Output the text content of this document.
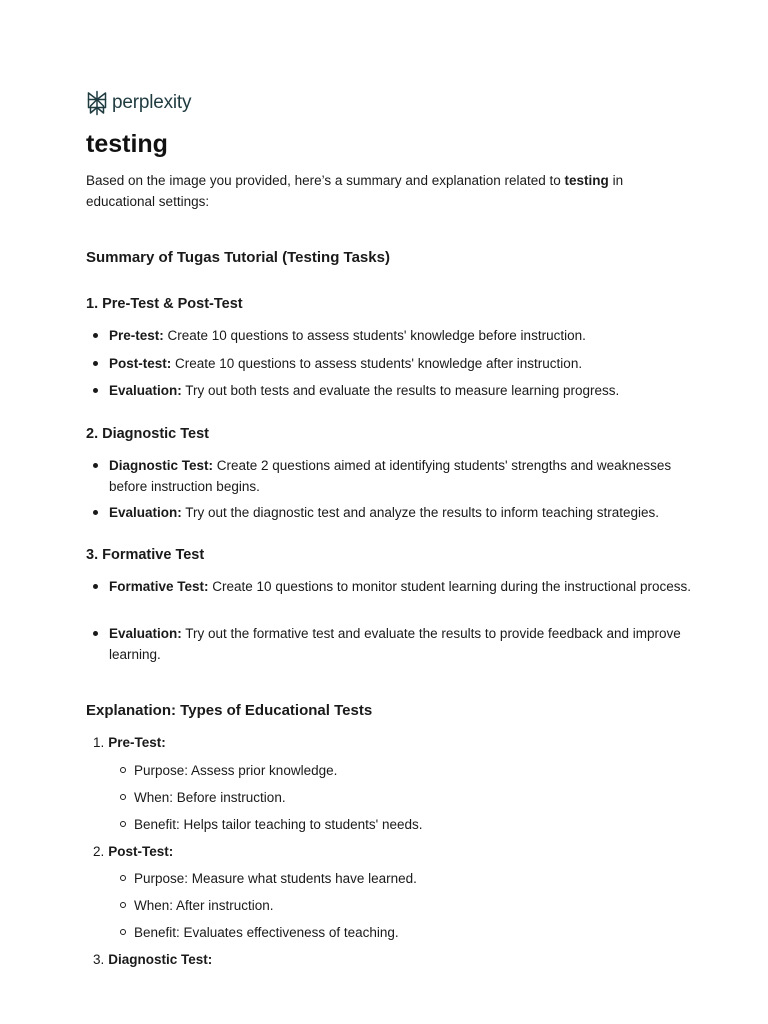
perplexity
testing

Based on the image you provided, here’s a summary and explanation related to testing in educational settings:

Summary of Tugas Tutorial (Testing Tasks)
1. Pre-Test & Post-Test
Pre-test: Create 10 questions to assess students' knowledge before instruction.
Post-test: Create 10 questions to assess students' knowledge after instruction.
Evaluation: Try out both tests and evaluate the results to measure learning progress.
2. Diagnostic Test
Diagnostic Test: Create 2 questions aimed at identifying students' strengths and weaknesses before instruction begins.
Evaluation: Try out the diagnostic test and analyze the results to inform teaching strategies.
3. Formative Test
Formative Test: Create 10 questions to monitor student learning during the instructional process.
Evaluation: Try out the formative test and evaluate the results to provide feedback and improve learning.
Explanation: Types of Educational Tests
1. Pre-Test:
Purpose: Assess prior knowledge.
When: Before instruction.
Benefit: Helps tailor teaching to students' needs.
2. Post-Test:
Purpose: Measure what students have learned.
When: After instruction.
Benefit: Evaluates effectiveness of teaching.
3. Diagnostic Test:
